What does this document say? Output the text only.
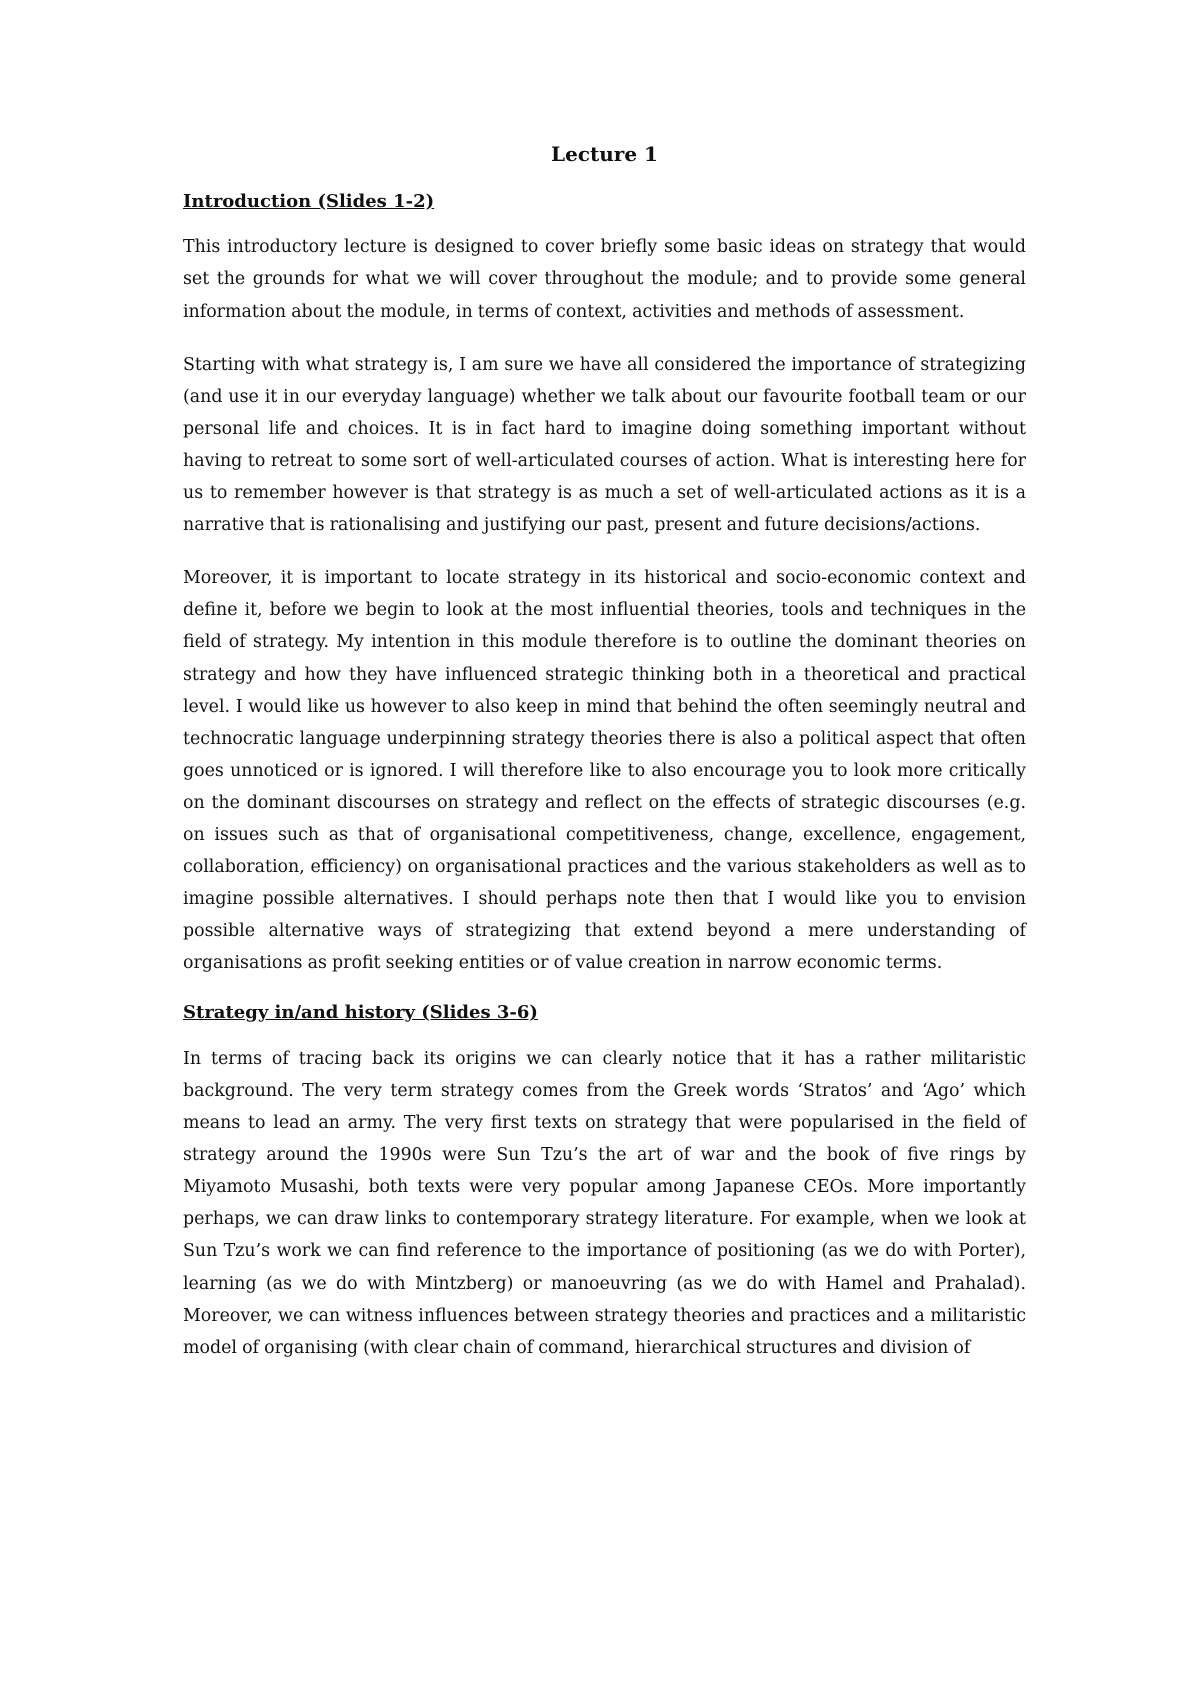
Lecture 1
Introduction (Slides 1-2)

This introductory lecture is designed to cover briefly some basic ideas on strategy that would set the grounds for what we will cover throughout the module; and to provide some general information about the module, in terms of context, activities and methods of assessment.

Starting with what strategy is, I am sure we have all considered the importance of strategizing (and use it in our everyday language) whether we talk about our favourite football team or our personal life and choices. It is in fact hard to imagine doing something important without having to retreat to some sort of well-articulated courses of action. What is interesting here for us to remember however is that strategy is as much a set of well-articulated actions as it is a narrative that is rationalising and justifying our past, present and future decisions/actions.

Moreover, it is important to locate strategy in its historical and socio-economic context and define it, before we begin to look at the most influential theories, tools and techniques in the field of strategy. My intention in this module therefore is to outline the dominant theories on strategy and how they have influenced strategic thinking both in a theoretical and practical level. I would like us however to also keep in mind that behind the often seemingly neutral and technocratic language underpinning strategy theories there is also a political aspect that often goes unnoticed or is ignored. I will therefore like to also encourage you to look more critically on the dominant discourses on strategy and reflect on the effects of strategic discourses (e.g. on issues such as that of organisational competitiveness, change, excellence, engagement, collaboration, efficiency) on organisational practices and the various stakeholders as well as to imagine possible alternatives. I should perhaps note then that I would like you to envision possible alternative ways of strategizing that extend beyond a mere understanding of organisations as profit seeking entities or of value creation in narrow economic terms.

Strategy in/and history (Slides 3-6)

In terms of tracing back its origins we can clearly notice that it has a rather militaristic background. The very term strategy comes from the Greek words ‘Stratos’ and ‘Ago’ which means to lead an army. The very first texts on strategy that were popularised in the field of strategy around the 1990s were Sun Tzu’s the art of war and the book of five rings by Miyamoto Musashi, both texts were very popular among Japanese CEOs. More importantly perhaps, we can draw links to contemporary strategy literature. For example, when we look at Sun Tzu’s work we can find reference to the importance of positioning (as we do with Porter), learning (as we do with Mintzberg) or manoeuvring (as we do with Hamel and Prahalad). Moreover, we can witness influences between strategy theories and practices and a militaristic model of organising (with clear chain of command, hierarchical structures and division of
